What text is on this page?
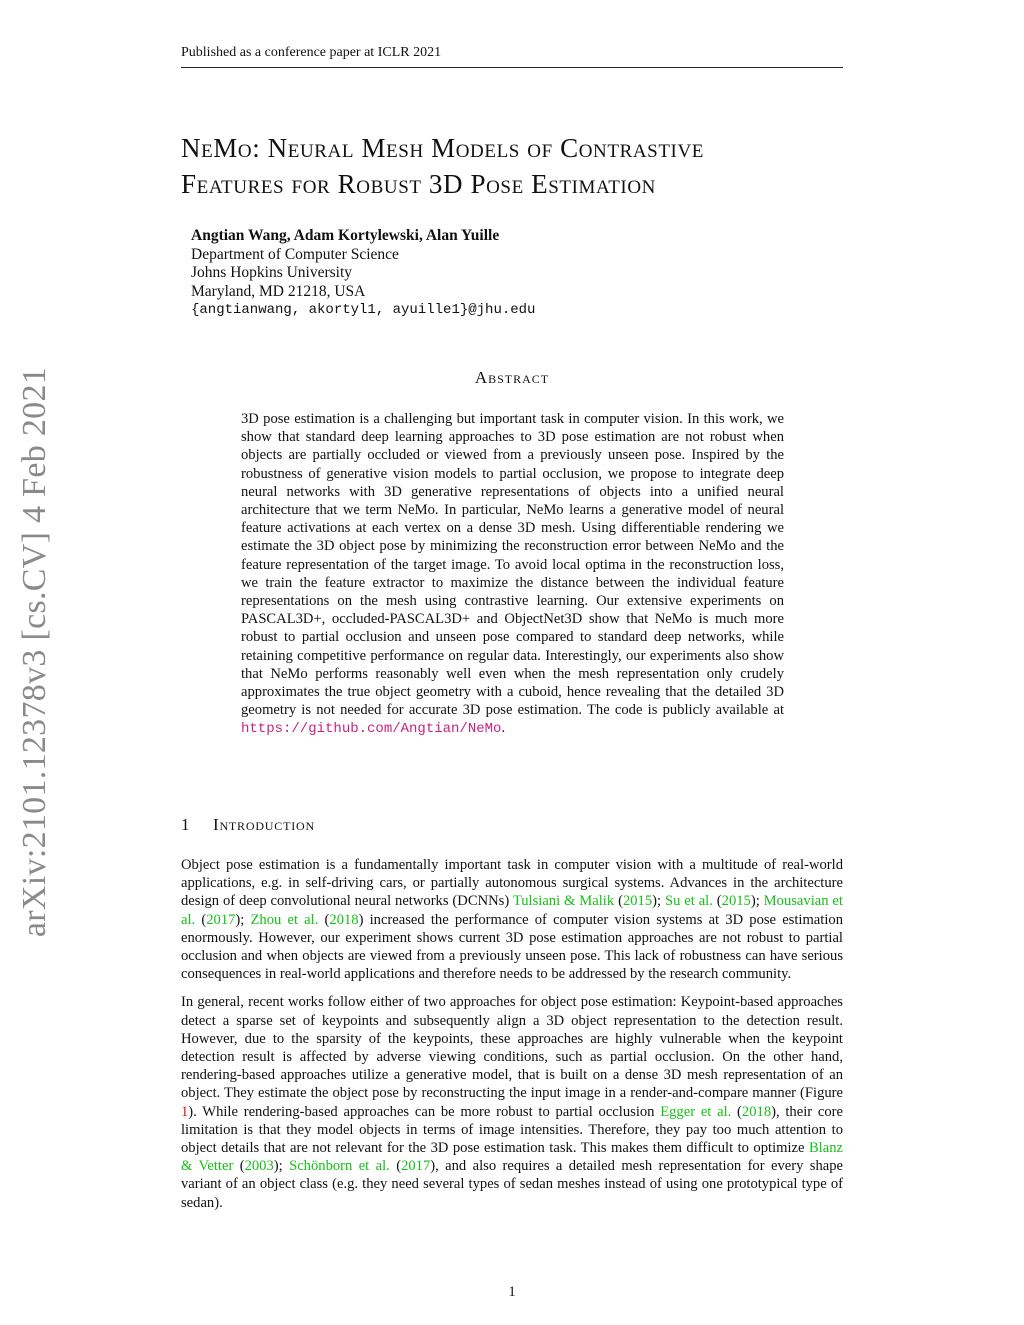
Published as a conference paper at ICLR 2021
arXiv:2101.12378v3 [cs.CV] 4 Feb 2021
NeMo: Neural Mesh Models of Contrastive
Features for Robust 3D Pose Estimation
Angtian Wang, Adam Kortylewski, Alan Yuille
Department of Computer Science
Johns Hopkins University
Maryland, MD 21218, USA
{angtianwang, akortyl1, ayuille1}@jhu.edu
Abstract
3D pose estimation is a challenging but important task in computer vision. In this work, we show that standard deep learning approaches to 3D pose estimation are not robust when objects are partially occluded or viewed from a previously unseen pose. Inspired by the robustness of generative vision models to partial occlusion, we propose to integrate deep neural networks with 3D generative representations of objects into a unified neural architecture that we term NeMo. In particular, NeMo learns a generative model of neural feature activations at each vertex on a dense 3D mesh. Using differentiable rendering we estimate the 3D object pose by minimizing the reconstruction error between NeMo and the feature representation of the target image. To avoid local optima in the reconstruction loss, we train the feature extractor to maximize the distance between the individual feature representations on the mesh using contrastive learning. Our extensive experiments on PASCAL3D+, occluded-PASCAL3D+ and ObjectNet3D show that NeMo is much more robust to partial occlusion and unseen pose compared to standard deep networks, while retaining competitive performance on regular data. Interestingly, our experiments also show that NeMo performs reasonably well even when the mesh representation only crudely approximates the true object geometry with a cuboid, hence revealing that the detailed 3D geometry is not needed for accurate 3D pose estimation. The code is publicly available at https://github.com/Angtian/NeMo.
1 Introduction

Object pose estimation is a fundamentally important task in computer vision with a multitude of real-world applications, e.g. in self-driving cars, or partially autonomous surgical systems. Advances in the architecture design of deep convolutional neural networks (DCNNs) Tulsiani & Malik (2015); Su et al. (2015); Mousavian et al. (2017); Zhou et al. (2018) increased the performance of computer vision systems at 3D pose estimation enormously. However, our experiment shows current 3D pose estimation approaches are not robust to partial occlusion and when objects are viewed from a previously unseen pose. This lack of robustness can have serious consequences in real-world applications and therefore needs to be addressed by the research community.

In general, recent works follow either of two approaches for object pose estimation: Keypoint-based approaches detect a sparse set of keypoints and subsequently align a 3D object representation to the detection result. However, due to the sparsity of the keypoints, these approaches are highly vulnerable when the keypoint detection result is affected by adverse viewing conditions, such as partial occlusion. On the other hand, rendering-based approaches utilize a generative model, that is built on a dense 3D mesh representation of an object. They estimate the object pose by reconstructing the input image in a render-and-compare manner (Figure 1). While rendering-based approaches can be more robust to partial occlusion Egger et al. (2018), their core limitation is that they model objects in terms of image intensities. Therefore, they pay too much attention to object details that are not relevant for the 3D pose estimation task. This makes them difficult to optimize Blanz & Vetter (2003); Schönborn et al. (2017), and also requires a detailed mesh representation for every shape variant of an object class (e.g. they need several types of sedan meshes instead of using one prototypical type of sedan).

1
